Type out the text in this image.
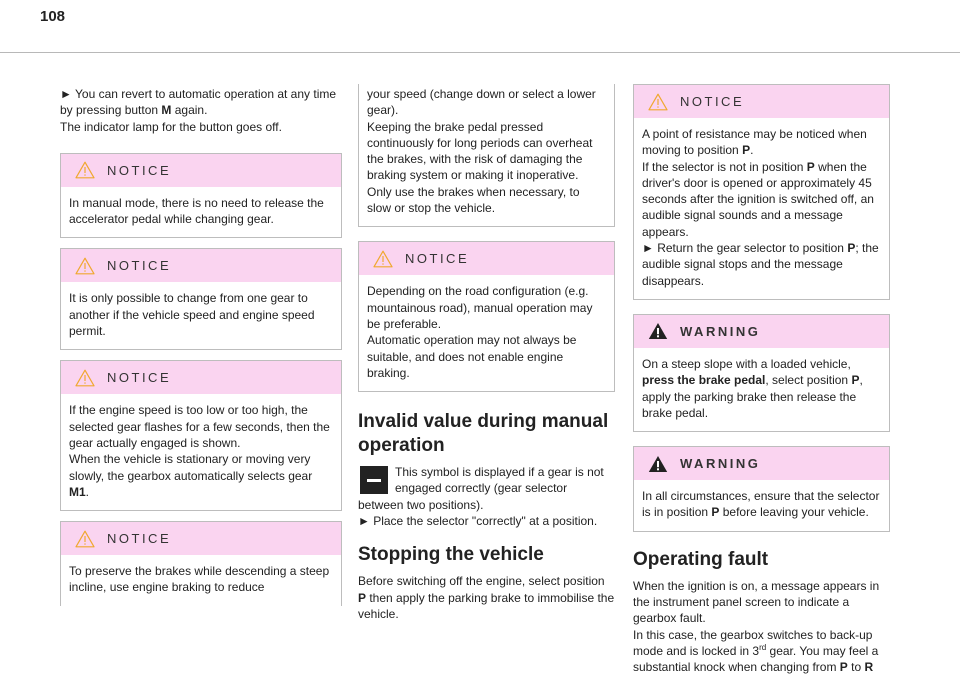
108

► You can revert to automatic operation at any time by pressing button M again.

The indicator lamp for the button goes off.

NOTICE

In manual mode, there is no need to release the accelerator pedal while changing gear.

NOTICE

It is only possible to change from one gear to another if the vehicle speed and engine speed permit.

NOTICE

If the engine speed is too low or too high, the selected gear flashes for a few seconds, then the gear actually engaged is shown.

When the vehicle is stationary or moving very slowly, the gearbox automatically selects gear M1.

NOTICE

To preserve the brakes while descending a steep incline, use engine braking to reduce

your speed (change down or select a lower gear).

Keeping the brake pedal pressed continuously for long periods can overheat the brakes, with the risk of damaging the braking system or making it inoperative.

Only use the brakes when necessary, to slow or stop the vehicle.

NOTICE

Depending on the road configuration (e.g. mountainous road), manual operation may be preferable.

Automatic operation may not always be suitable, and does not enable engine braking.

Invalid value during manual operation

This symbol is displayed if a gear is not engaged correctly (gear selector between two positions).

► Place the selector "correctly" at a position.

Stopping the vehicle

Before switching off the engine, select position P then apply the parking brake to immobilise the vehicle.

NOTICE

A point of resistance may be noticed when moving to position P.

If the selector is not in position P when the driver's door is opened or approximately 45 seconds after the ignition is switched off, an audible signal sounds and a message appears.

► Return the gear selector to position P; the audible signal stops and the message disappears.

WARNING

On a steep slope with a loaded vehicle, press the brake pedal, select position P, apply the parking brake then release the brake pedal.

WARNING

In all circumstances, ensure that the selector is in position P before leaving your vehicle.

Operating fault

When the ignition is on, a message appears in the instrument panel screen to indicate a gearbox fault.

In this case, the gearbox switches to back-up mode and is locked in 3rd gear. You may feel a substantial knock when changing from P to R
